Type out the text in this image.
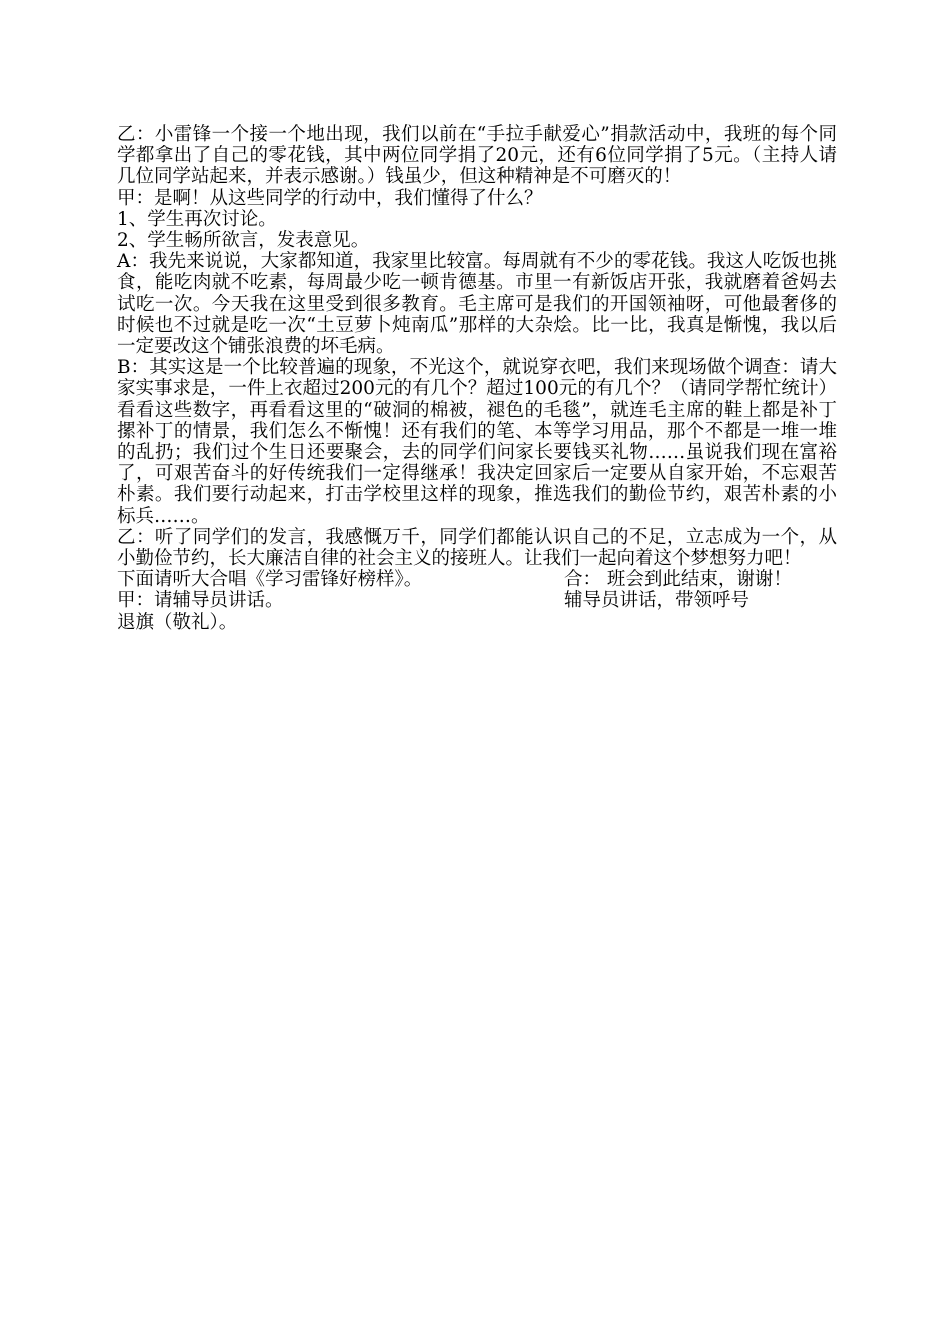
乙：小雷锋一个接一个地出现，我们以前在“手拉手献爱心”捐款活动中，我班的每个同学都拿出了自己的零花钱，其中两位同学捐了20元，还有6位同学捐了5元。（主持人请几位同学站起来，并表示感谢。）钱虽少，但这种精神是不可磨灭的！

甲：是啊！从这些同学的行动中，我们懂得了什么？

1、学生再次讨论。

2、学生畅所欲言，发表意见。

A：我先来说说，大家都知道，我家里比较富。每周就有不少的零花钱。我这人吃饭也挑食，能吃肉就不吃素，每周最少吃一顿肯德基。市里一有新饭店开张，我就磨着爸妈去试吃一次。今天我在这里受到很多教育。毛主席可是我们的开国领袖呀，可他最奢侈的时候也不过就是吃一次“土豆萝卜炖南瓜”那样的大杂烩。比一比，我真是惭愧，我以后一定要改这个铺张浪费的坏毛病。

B：其实这是一个比较普遍的现象，不光这个，就说穿衣吧，我们来现场做个调查：请大家实事求是，一件上衣超过200元的有几个？超过100元的有几个？（请同学帮忙统计）看看这些数字，再看看这里的“破洞的棉被，褪色的毛毯”，就连毛主席的鞋上都是补丁摞补丁的情景，我们怎么不惭愧！还有我们的笔、本等学习用品，那个不都是一堆一堆的乱扔；我们过个生日还要聚会，去的同学们问家长要钱买礼物……虽说我们现在富裕了，可艰苦奋斗的好传统我们一定得继承！我决定回家后一定要从自家开始，不忘艰苦朴素。我们要行动起来，打击学校里这样的现象，推选我们的勤俭节约，艰苦朴素的小标兵……。

乙：听了同学们的发言，我感慨万千，同学们都能认识自己的不足，立志成为一个，从小勤俭节约，长大廉洁自律的社会主义的接班人。让我们一起向着这个梦想努力吧！

下面请听大合唱《学习雷锋好榜样》。	合： 班会到此结束，谢谢！
甲：请辅导员讲话。	辅导员讲话，带领呼号

退旗（敬礼）。
